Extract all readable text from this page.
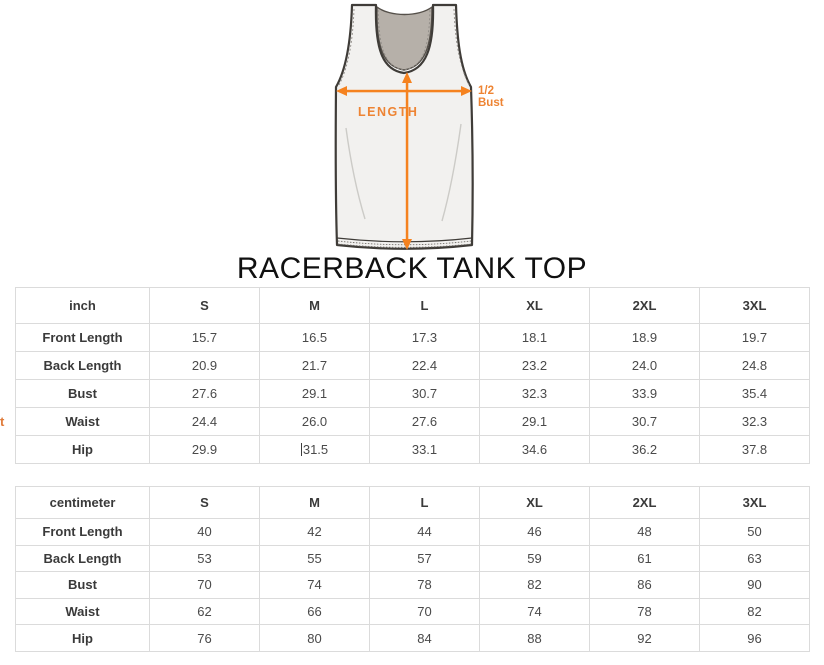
LENGTH
1/2
Bust
RACERBACK TANK TOP
t
inch	S	M	L	XL	2XL	3XL
Front Length	15.7	16.5	17.3	18.1	18.9	19.7
Back Length	20.9	21.7	22.4	23.2	24.0	24.8
Bust	27.6	29.1	30.7	32.3	33.9	35.4
Waist	24.4	26.0	27.6	29.1	30.7	32.3
Hip	29.9	31.5	33.1	34.6	36.2	37.8
centimeter	S	M	L	XL	2XL	3XL
Front Length	40	42	44	46	48	50
Back Length	53	55	57	59	61	63
Bust	70	74	78	82	86	90
Waist	62	66	70	74	78	82
Hip	76	80	84	88	92	96
